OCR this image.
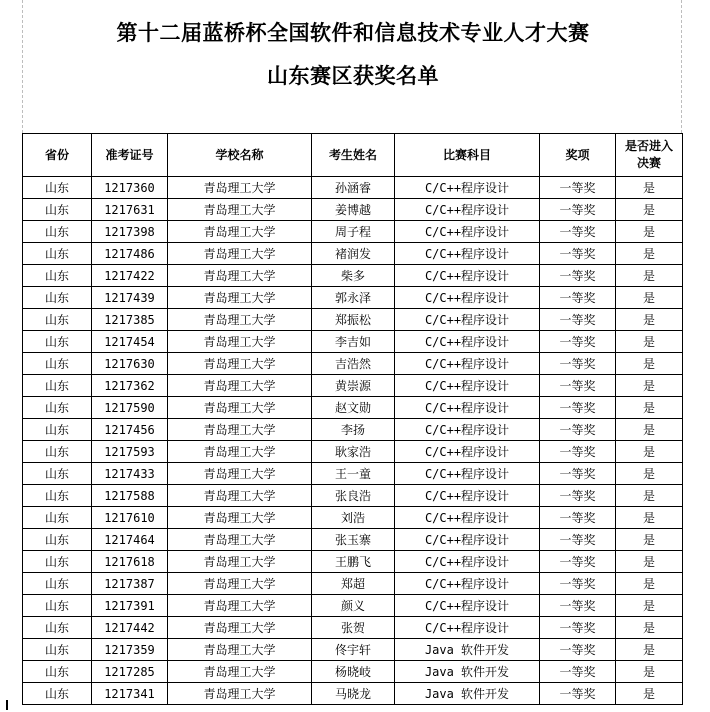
第十二届蓝桥杯全国软件和信息技术专业人才大赛
山东赛区获奖名单
省份	准考证号	学校名称	考生姓名	比赛科目	奖项	是否进入决赛
山东	1217360	青岛理工大学	孙涵睿	C/C++程序设计	一等奖	是
山东	1217631	青岛理工大学	姜博越	C/C++程序设计	一等奖	是
山东	1217398	青岛理工大学	周子程	C/C++程序设计	一等奖	是
山东	1217486	青岛理工大学	褚润发	C/C++程序设计	一等奖	是
山东	1217422	青岛理工大学	柴多	C/C++程序设计	一等奖	是
山东	1217439	青岛理工大学	郭永泽	C/C++程序设计	一等奖	是
山东	1217385	青岛理工大学	郑振松	C/C++程序设计	一等奖	是
山东	1217454	青岛理工大学	李吉如	C/C++程序设计	一等奖	是
山东	1217630	青岛理工大学	吉浩然	C/C++程序设计	一等奖	是
山东	1217362	青岛理工大学	黄崇源	C/C++程序设计	一等奖	是
山东	1217590	青岛理工大学	赵文勋	C/C++程序设计	一等奖	是
山东	1217456	青岛理工大学	李扬	C/C++程序设计	一等奖	是
山东	1217593	青岛理工大学	耿家浩	C/C++程序设计	一等奖	是
山东	1217433	青岛理工大学	王一童	C/C++程序设计	一等奖	是
山东	1217588	青岛理工大学	张良浩	C/C++程序设计	一等奖	是
山东	1217610	青岛理工大学	刘浩	C/C++程序设计	一等奖	是
山东	1217464	青岛理工大学	张玉寨	C/C++程序设计	一等奖	是
山东	1217618	青岛理工大学	王鹏飞	C/C++程序设计	一等奖	是
山东	1217387	青岛理工大学	郑超	C/C++程序设计	一等奖	是
山东	1217391	青岛理工大学	颜义	C/C++程序设计	一等奖	是
山东	1217442	青岛理工大学	张贺	C/C++程序设计	一等奖	是
山东	1217359	青岛理工大学	佟宇轩	Java 软件开发	一等奖	是
山东	1217285	青岛理工大学	杨晓岐	Java 软件开发	一等奖	是
山东	1217341	青岛理工大学	马晓龙	Java 软件开发	一等奖	是
